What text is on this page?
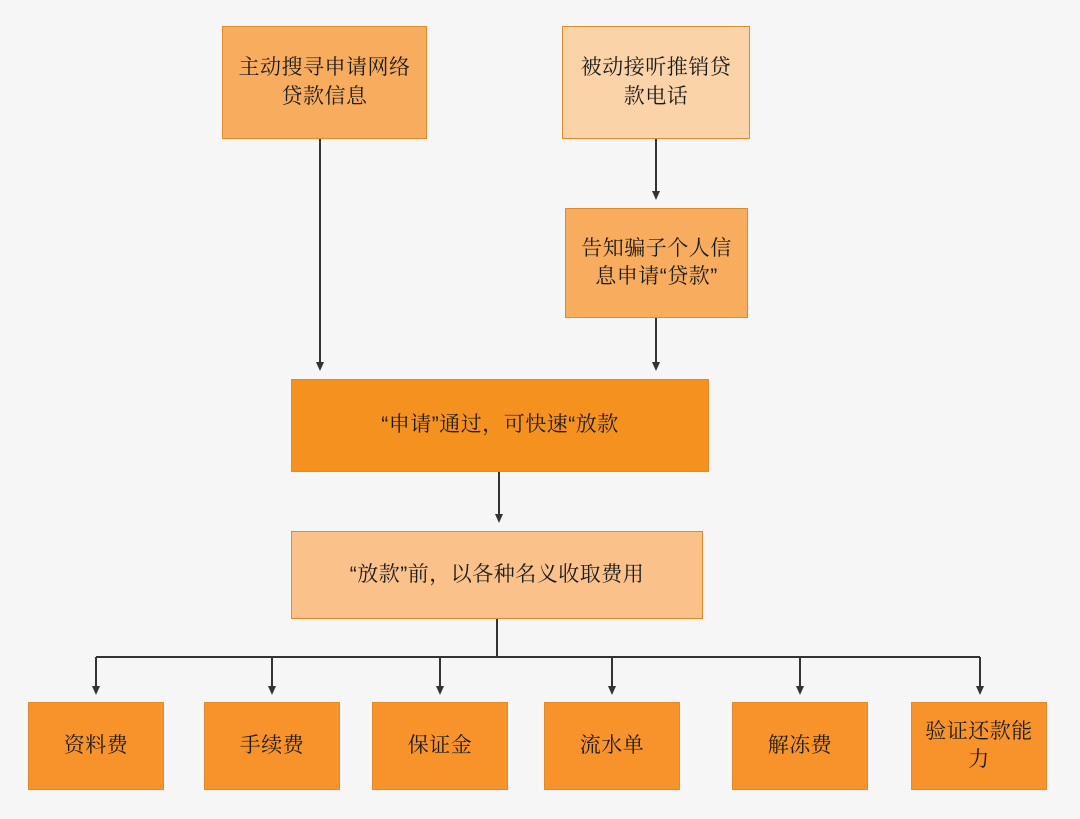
主动搜寻申请网络贷款信息
被动接听推销贷款电话
告知骗子个人信息申请“贷款”
“申请”通过，可快速“放款
“放款”前，以各种名义收取费用
资料费	手续费	保证金	流水单	解冻费
验证还款能力
